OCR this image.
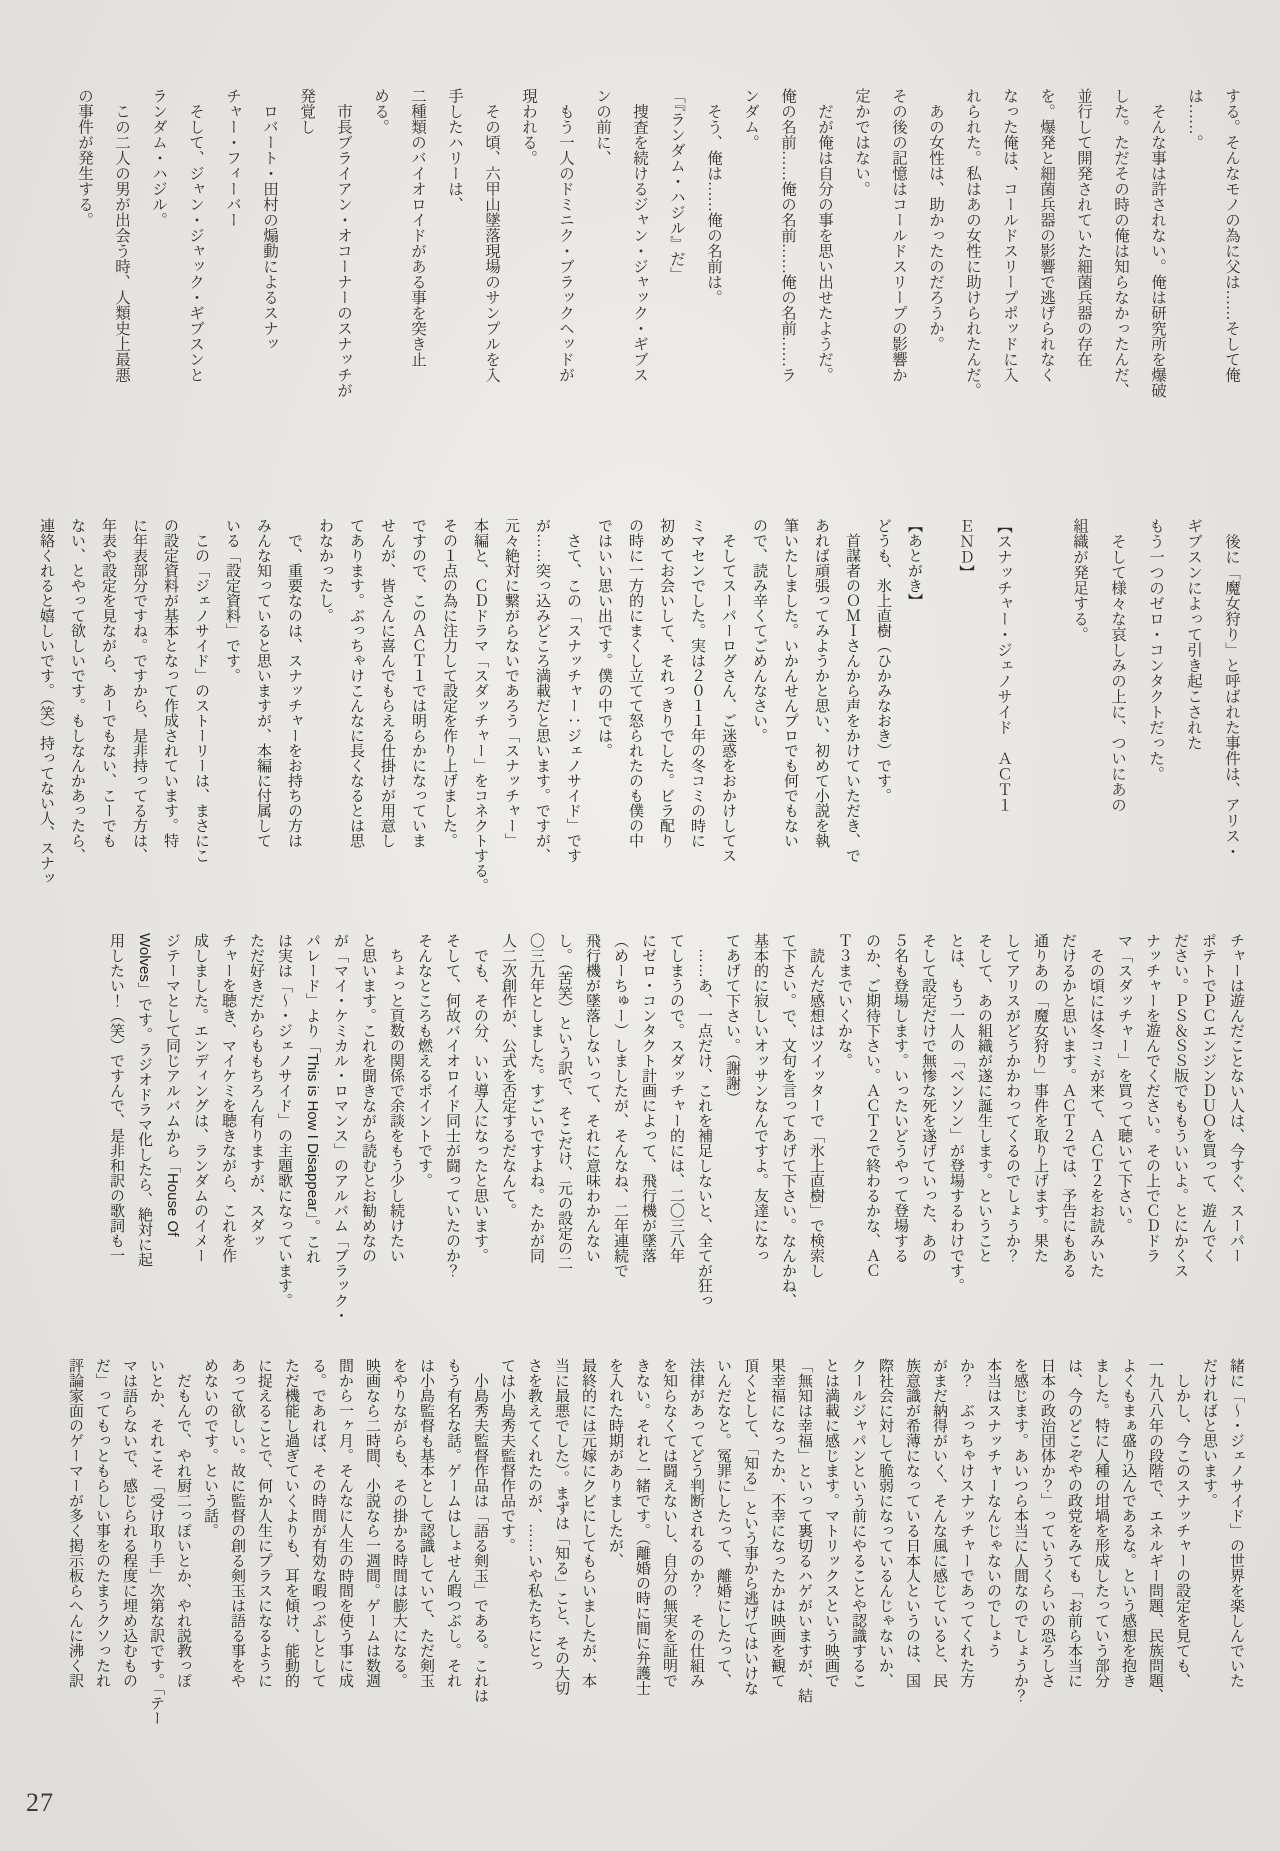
する。そんなモノの為に父は……そして俺

は……。

　そんな事は許されない。俺は研究所を爆破

した。ただその時の俺は知らなかったんだ、

並行して開発されていた細菌兵器の存在

を。爆発と細菌兵器の影響で逃げられなく

なった俺は、コールドスリープポッドに入

れられた。私はあの女性に助けられたんだ。

　あの女性は、助かったのだろうか。

その後の記憶はコールドスリープの影響か

定かではない。

　だが俺は自分の事を思い出せたようだ。

俺の名前……俺の名前……俺の名前……ラ

ンダム。

　そう、俺は……俺の名前は。

「『ランダム・ハジル』だ」

　捜査を続けるジャン・ジャック・ギブス

ンの前に、

　もう一人のドミニク・ブラックヘッドが

現われる。

　その頃、六甲山墜落現場のサンプルを入

手したハリーは、

二種類のバイオロイドがある事を突き止

める。

　市長ブライアン・オコーナーのスナッチが

発覚し

　ロバート・田村の煽動によるスナッ

チャー・フィーバー

　そして、ジャン・ジャック・ギブスンと

ランダム・ハジル。

　この二人の男が出会う時、人類史上最悪

の事件が発生する。

　後に「魔女狩り」と呼ばれた事件は、アリス・

ギブスンによって引き起こされた

もう一つのゼロ・コンタクトだった。

　そして様々な哀しみの上に、ついにあの

組織が発足する。

【スナッチャー・ジェノサイド　ＡＣＴ１

ＥＮＤ】

【あとがき】

どうも、氷上直樹（ひかみなおき）です。

　首謀者のＯＭＩさんから声をかけていただき、で

あれば頑張ってみようかと思い、初めて小説を執

筆いたしました。いかんせんプロでも何でもない

ので、読み辛くてごめんなさい。

　そしてスーパーログさん、ご迷惑をおかけしてス

ミマセンでした。実は２０１１年の冬コミの時に

初めてお会いして、それっきりでした。ビラ配り

の時に一方的にまくし立てて怒られたのも僕の中

ではいい思い出です。僕の中では。

　さて、この「スナッチャー：ジェノサイド」です

が……突っ込みどころ満載だと思います。ですが、

元々絶対に繋がらないであろう「スナッチャー」

本編と、ＣＤドラマ「スダッチャー」をコネクトする。

その１点の為に注力して設定を作り上げました。

ですので、このＡＣＴ１では明らかになっていま

せんが、皆さんに喜んでもらえる仕掛けが用意し

てあります。ぶっちゃけこんなに長くなるとは思

わなかったし。

　で、重要なのは、スナッチャーをお持ちの方は

みんな知っていると思いますが、本編に付属して

いる「設定資料」です。

　この「ジェノサイド」のストーリーは、まさにこ

の設定資料が基本となって作成されています。特

に年表部分ですね。ですから、是非持ってる方は、

年表や設定を見ながら、あーでもない、こーでも

ない、とやって欲しいです。もしなんかあったら、

連絡くれると嬉しいです。（笑）持ってない人、スナッ

チャーは遊んだことない人は、今すぐ、スーパー

ポテトでＰＣエンジンＤＵＯを買って、遊んでく

ださい。ＰＳ＆ＳＳ版でももういいよ。とにかくス

ナッチャーを遊んでください。その上でＣＤドラ

マ「スダッチャー」を買って聴いて下さい。

　その頃には冬コミが来て、ＡＣＴ２をお読みいた

だけるかと思います。ＡＣＴ２では、予告にもある

通りあの「魔女狩り」事件を取り上げます。果た

してアリスがどうかかわってくるのでしょうか？

そして、あの組織が遂に誕生します。ということ

とは、もう一人の「ベンソン」が登場するわけです。

そして設定だけで無惨な死を遂げていった、あの

５名も登場します。いったいどうやって登場する

のか、ご期待下さい。ＡＣＴ２で終わるかな、ＡＣ

Ｔ３までいくかな。

　読んだ感想はツイッターで「氷上直樹」で検索し

て下さい。で、文句を言ってあげて下さい。なんかね、

基本的に寂しいオッサンなんですよ。友達になっ

てあげて下さい。（謝謝）

　……あ、一点だけ、これを補足しないと、全てが狂っ

てしまうので。スダッチャー的には、二〇三八年

にゼロ・コンタクト計画によって、飛行機が墜落

（めーちゅー）しましたが、そんなね、二年連続で

飛行機が墜落しないって、それに意味わかんない

し。（苦笑）という訳で、そこだけ、元の設定の二

〇三九年としました。すごいですよね。たかが同

人二次創作が、公式を否定するだなんて。

　でも、その分、いい導入になったと思います。

そして、何故バイオロイド同士が闘っていたのか？

そんなところも燃えるポイントです。

　ちょっと頁数の関係で余談をもう少し続けたい

と思います。これを聞きながら読むとお勧めなの

が「マイ・ケミカル・ロマンス」のアルバム「ブラック・

パレード」より「This is How I Disappear」。これ

は実は「～・ジェノサイド」の主題歌になっています。

ただ好きだからももちろん有りますが、スダッ

チャーを聴き、マイケミを聴きながら、これを作

成しました。エンディングは、ランダムのイメー

ジテーマとして同じアルバムから「House Of

Wolves」です。ラジオドラマ化したら、絶対に起

用したい！（笑）ですんで、是非和訳の歌詞も一

緒に「～・ジェノサイド」の世界を楽しんでいた

だければと思います。

　しかし、今このスナッチャーの設定を見ても、

一九八八年の段階で、エネルギー問題、民族問題、

よくもまぁ盛り込んであるな。という感想を抱き

ました。特に人種の坩堝を形成したっていう部分

は、今のどこぞやの政党をみても「お前ら本当に

日本の政治団体か？」っていうくらいの恐ろしさ

を感じます。あいつら本当に人間なのでしょうか？

本当はスナッチャーなんじゃないのでしょう

か？　ぶっちゃけスナッチャーであってくれた方

がまだ納得がいく、そんな風に感じていると、民

族意識が希薄になっている日本人というのは、国

際社会に対して脆弱になっているんじゃないか、

クールジャパンという前にやることや認識するこ

とは満載に感じます。マトリックスという映画で

「無知は幸福」といって裏切るハゲがいますが、結

果幸福になったか、不幸になったかは映画を観て

頂くとして、「知る」という事から逃げてはいけな

いんだなと。冤罪にしたって、離婚にしたって、

法律があってどう判断されるのか？　その仕組み

を知らなくては闘えないし、自分の無実を証明で

きない。それと一緒です。（離婚の時に間に弁護士

を入れた時期がありましたが、

最終的には元嫁にクビにしてもらいましたが、本

当に最悪でした）。まずは「知る」こと、その大切

さを教えてくれたのが、……いや私たちにとっ

ては小島秀夫監督作品です。

　小島秀夫監督作品は「語る剣玉」である。これは

もう有名な話。ゲームはしょせん暇つぶし。それ

は小島監督も基本として認識していて、ただ剣玉

をやりながらも、その掛かる時間は膨大になる。

映画なら二時間、小説なら一週間。ゲームは数週

間から一ヶ月。そんなに人生の時間を使う事に成

る。であれば、その時間が有効な暇つぶしとして

ただ機能し過ぎていくよりも、耳を傾け、能動的

に捉えることで、何か人生にプラスになるように

あって欲しい。故に監督の創る剣玉は語る事をや

めないのです。という話。

　だもんで、やれ厨二っぽいとか、やれ説教っぽ

いとか、それこそ「受け取り手」次第な訳です。「テー

マは語らないで、感じられる程度に埋め込むもの

だ」ってもっともらしい事をのたまうクソったれ

評論家面のゲーマーが多く掲示板らへんに沸く訳

27
